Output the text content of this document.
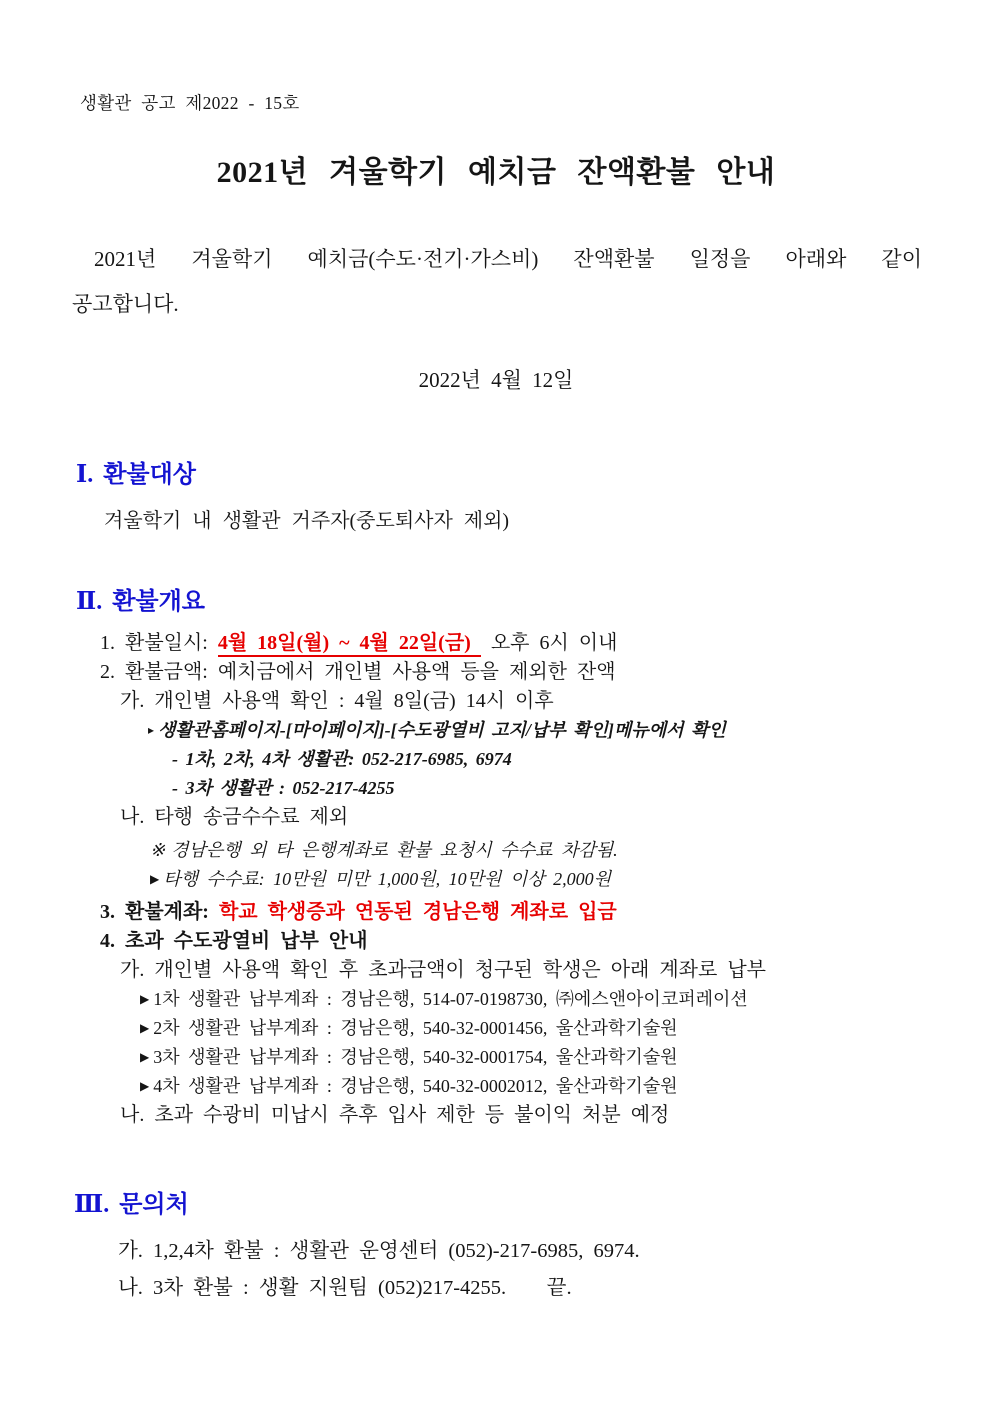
생활관 공고 제2022 - 15호
2021년 겨울학기 예치금 잔액환불 안내
2021년 겨울학기 예치금(수도·전기·가스비) 잔액환불 일정을 아래와 같이
공고합니다.
2022년 4월 12일
Ⅰ. 환불대상
겨울학기 내 생활관 거주자(중도퇴사자 제외)
Ⅱ. 환불개요
1. 환불일시: 4월 18일(월) ~ 4월 22일(금) 오후 6시 이내
2. 환불금액: 예치금에서 개인별 사용액 등을 제외한 잔액
가. 개인별 사용액 확인 : 4월 8일(금) 14시 이후
▸ 생활관홈페이지-[마이페이지]-[수도광열비 고지/납부 확인]메뉴에서 확인
- 1차, 2차, 4차 생활관: 052-217-6985, 6974
- 3차 생활관 : 052-217-4255
나. 타행 송금수수료 제외
※ 경남은행 외 타 은행계좌로 환불 요청시 수수료 차감됨.
▶ 타행 수수료: 10만원 미만 1,000원, 10만원 이상 2,000원
3. 환불계좌: 학교 학생증과 연동된 경남은행 계좌로 입금
4. 초과 수도광열비 납부 안내
가. 개인별 사용액 확인 후 초과금액이 청구된 학생은 아래 계좌로 납부
▶ 1차 생활관 납부계좌 : 경남은행, 514-07-0198730, ㈜에스앤아이코퍼레이션
▶ 2차 생활관 납부계좌 : 경남은행, 540-32-0001456, 울산과학기술원
▶ 3차 생활관 납부계좌 : 경남은행, 540-32-0001754, 울산과학기술원
▶ 4차 생활관 납부계좌 : 경남은행, 540-32-0002012, 울산과학기술원
나. 초과 수광비 미납시 추후 입사 제한 등 불이익 처분 예정
Ⅲ. 문의처
가. 1,2,4차 환불 : 생활관 운영센터 (052)-217-6985, 6974.
나. 3차 환불 : 생활 지원팀 (052)217-4255.    끝.
